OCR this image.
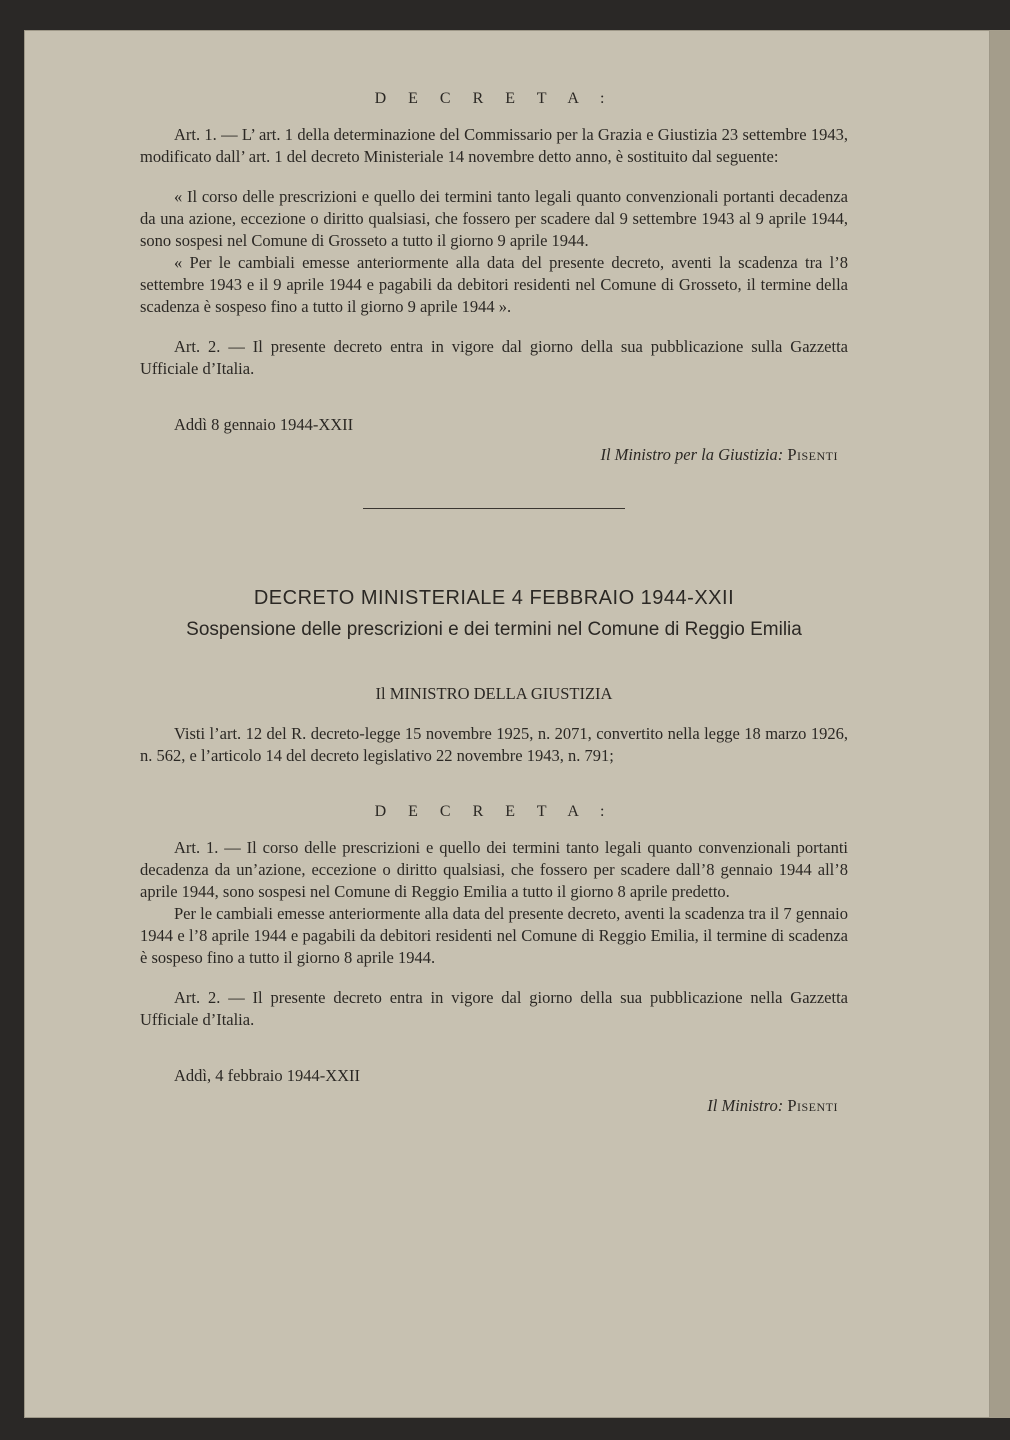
D E C R E T A :

Art. 1. — L’ art. 1 della determinazione del Commissario per la Grazia e Giustizia 23 settembre 1943, modificato dall’ art. 1 del decreto Ministeriale 14 novembre detto anno, è sostituito dal seguente:

« Il corso delle prescrizioni e quello dei termini tanto legali quanto convenzionali portanti decadenza da una azione, eccezione o diritto qualsiasi, che fossero per scadere dal 9 settembre 1943 al 9 aprile 1944, sono sospesi nel Comune di Grosseto a tutto il giorno 9 aprile 1944.

« Per le cambiali emesse anteriormente alla data del presente decreto, aventi la scadenza tra l’8 settembre 1943 e il 9 aprile 1944 e pagabili da debitori residenti nel Comune di Grosseto, il termine della scadenza è sospeso fino a tutto il giorno 9 aprile 1944 ».

Art. 2. — Il presente decreto entra in vigore dal giorno della sua pubblicazione sulla Gazzetta Ufficiale d’Italia.

Addì 8 gennaio 1944-XXII
Il Ministro per la Giustizia: Pisenti
DECRETO MINISTERIALE 4 FEBBRAIO 1944-XXII
Sospensione delle prescrizioni e dei termini nel Comune di Reggio Emilia
Il MINISTRO DELLA GIUSTIZIA

Visti l’art. 12 del R. decreto-legge 15 novembre 1925, n. 2071, convertito nella legge 18 marzo 1926, n. 562, e l’articolo 14 del decreto legislativo 22 novembre 1943, n. 791;

D E C R E T A :

Art. 1. — Il corso delle prescrizioni e quello dei termini tanto legali quanto convenzionali portanti decadenza da un’azione, eccezione o diritto qualsiasi, che fossero per scadere dall’8 gennaio 1944 all’8 aprile 1944, sono sospesi nel Comune di Reggio Emilia a tutto il giorno 8 aprile predetto.

Per le cambiali emesse anteriormente alla data del presente decreto, aventi la scadenza tra il 7 gennaio 1944 e l’8 aprile 1944 e pagabili da debitori residenti nel Comune di Reggio Emilia, il termine di scadenza è sospeso fino a tutto il giorno 8 aprile 1944.

Art. 2. — Il presente decreto entra in vigore dal giorno della sua pubblicazione nella Gazzetta Ufficiale d’Italia.

Addì, 4 febbraio 1944-XXII
Il Ministro: Pisenti
